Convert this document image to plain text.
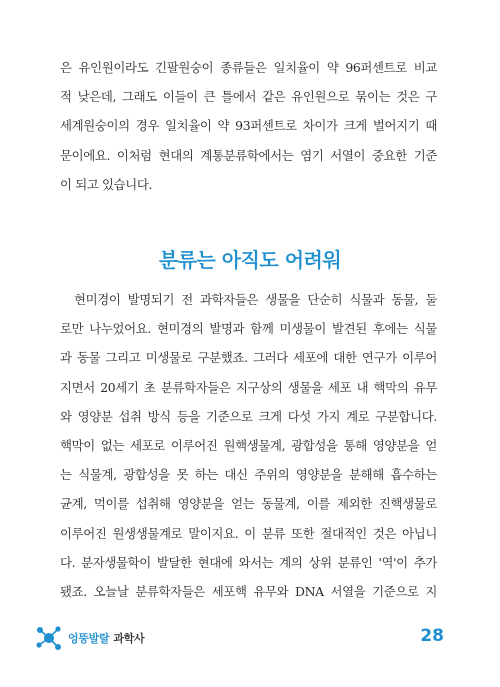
은 유인원이라도 긴팔원숭이 종류들은 일치율이 약 96퍼센트로 비교
적 낮은데, 그래도 이들이 큰 틀에서 같은 유인원으로 묶이는 것은 구
세계원숭이의 경우 일치율이 약 93퍼센트로 차이가 크게 벌어지기 때
문이에요. 이처럼 현대의 계통분류학에서는 염기 서열이 중요한 기준
이 되고 있습니다.
분류는 아직도 어려워
현미경이 발명되기 전 과학자들은 생물을 단순히 식물과 동물, 둘
로만 나누었어요. 현미경의 발명과 함께 미생물이 발견된 후에는 식물
과 동물 그리고 미생물로 구분했죠. 그러다 세포에 대한 연구가 이루어
지면서 20세기 초 분류학자들은 지구상의 생물을 세포 내 핵막의 유무
와 영양분 섭취 방식 등을 기준으로 크게 다섯 가지 계로 구분합니다.
핵막이 없는 세포로 이루어진 원핵생물계, 광합성을 통해 영양분을 얻
는 식물계, 광합성을 못 하는 대신 주위의 영양분을 분해해 흡수하는
균계, 먹이를 섭취해 영양분을 얻는 동물계, 이를 제외한 진핵생물로
이루어진 원생생물계로 말이지요. 이 분류 또한 절대적인 것은 아닙니
다. 분자생물학이 발달한 현대에 와서는 계의 상위 분류인 '역'이 추가
됐죠. 오늘날 분류학자들은 세포핵 유무와 DNA 서열을 기준으로 지
엉뚱발랄 과학사	28
